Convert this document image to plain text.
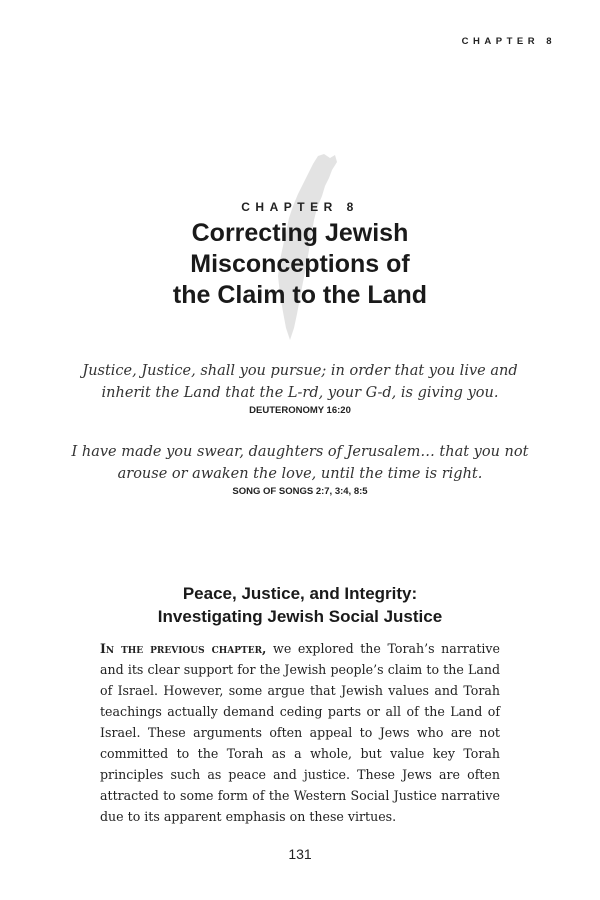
CHAPTER 8
CHAPTER 8
Correcting Jewish
Misconceptions of
the Claim to the Land
Justice, Justice, shall you pursue; in order that you live and
inherit the Land that the L-rd, your G-d, is giving you.
DEUTERONOMY 16:20
I have made you swear, daughters of Jerusalem… that you not
arouse or awaken the love, until the time is right.
SONG OF SONGS 2:7, 3:4, 8:5
Peace, Justice, and Integrity:
Investigating Jewish Social Justice

In the previous chapter, we explored the Torah’s narrative and its clear support for the Jewish people’s claim to the Land of Israel. However, some argue that Jewish values and Torah teachings actually demand ceding parts or all of the Land of Israel. These arguments often appeal to Jews who are not committed to the Torah as a whole, but value key Torah principles such as peace and justice. These Jews are often attracted to some form of the Western Social Justice narrative due to its apparent emphasis on these virtues.

131
